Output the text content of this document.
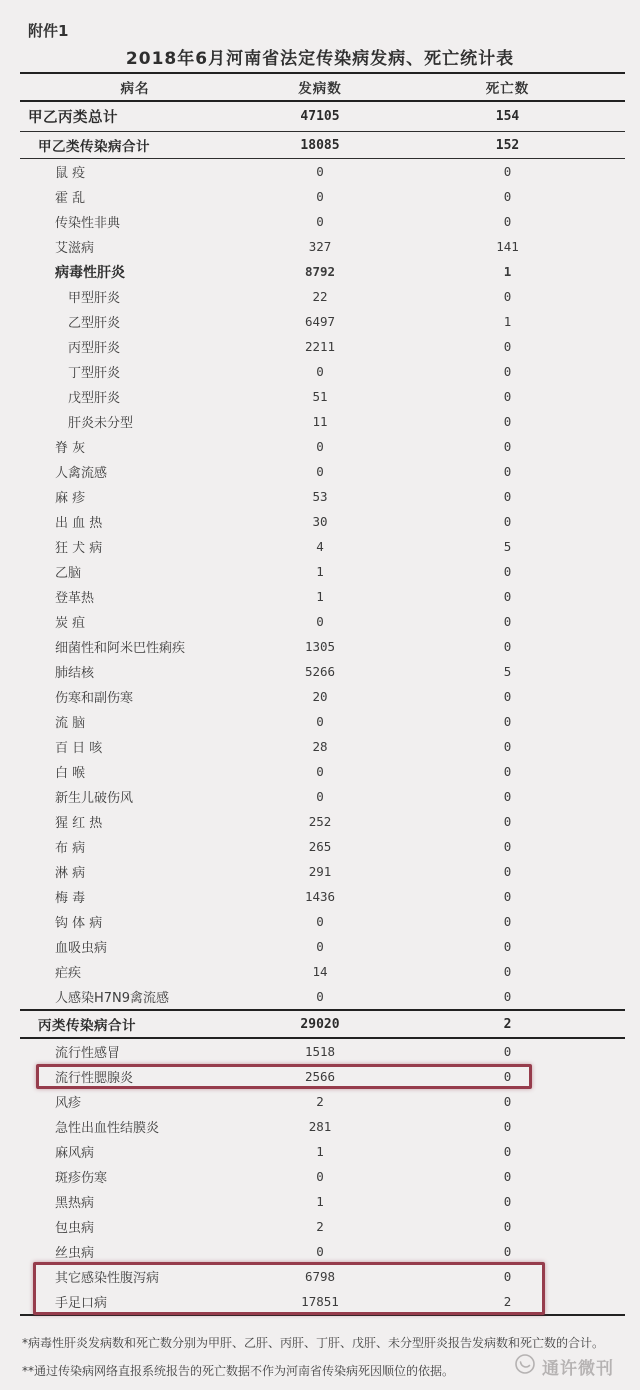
附件1
2018年6月河南省法定传染病发病、死亡统计表
病名	发病数	死亡数
甲乙丙类总计	47105	154
甲乙类传染病合计	18085	152
鼠 疫	0	0
霍 乱	0	0
传染性非典	0	0
艾滋病	327	141
病毒性肝炎	8792	1
甲型肝炎	22	0
乙型肝炎	6497	1
丙型肝炎	2211	0
丁型肝炎	0	0
戊型肝炎	51	0
肝炎未分型	11	0
脊 灰	0	0
人禽流感	0	0
麻 疹	53	0
出 血 热	30	0
狂 犬 病	4	5
乙脑	1	0
登革热	1	0
炭 疽	0	0
细菌性和阿米巴性痢疾	1305	0
肺结核	5266	5
伤寒和副伤寒	20	0
流 脑	0	0
百 日 咳	28	0
白 喉	0	0
新生儿破伤风	0	0
猩 红 热	252	0
布 病	265	0
淋 病	291	0
梅 毒	1436	0
钩 体 病	0	0
血吸虫病	0	0
疟疾	14	0
人感染H7N9禽流感	0	0
丙类传染病合计	29020	2
流行性感冒	1518	0
流行性腮腺炎	2566	0
风疹	2	0
急性出血性结膜炎	281	0
麻风病	1	0
斑疹伤寒	0	0
黑热病	1	0
包虫病	2	0
丝虫病	0	0
其它感染性腹泻病	6798	0
手足口病	17851	2
*病毒性肝炎发病数和死亡数分别为甲肝、乙肝、丙肝、丁肝、戊肝、未分型肝炎报告发病数和死亡数的合计。
**通过传染病网络直报系统报告的死亡数据不作为河南省传染病死因顺位的依据。	通许微刊
